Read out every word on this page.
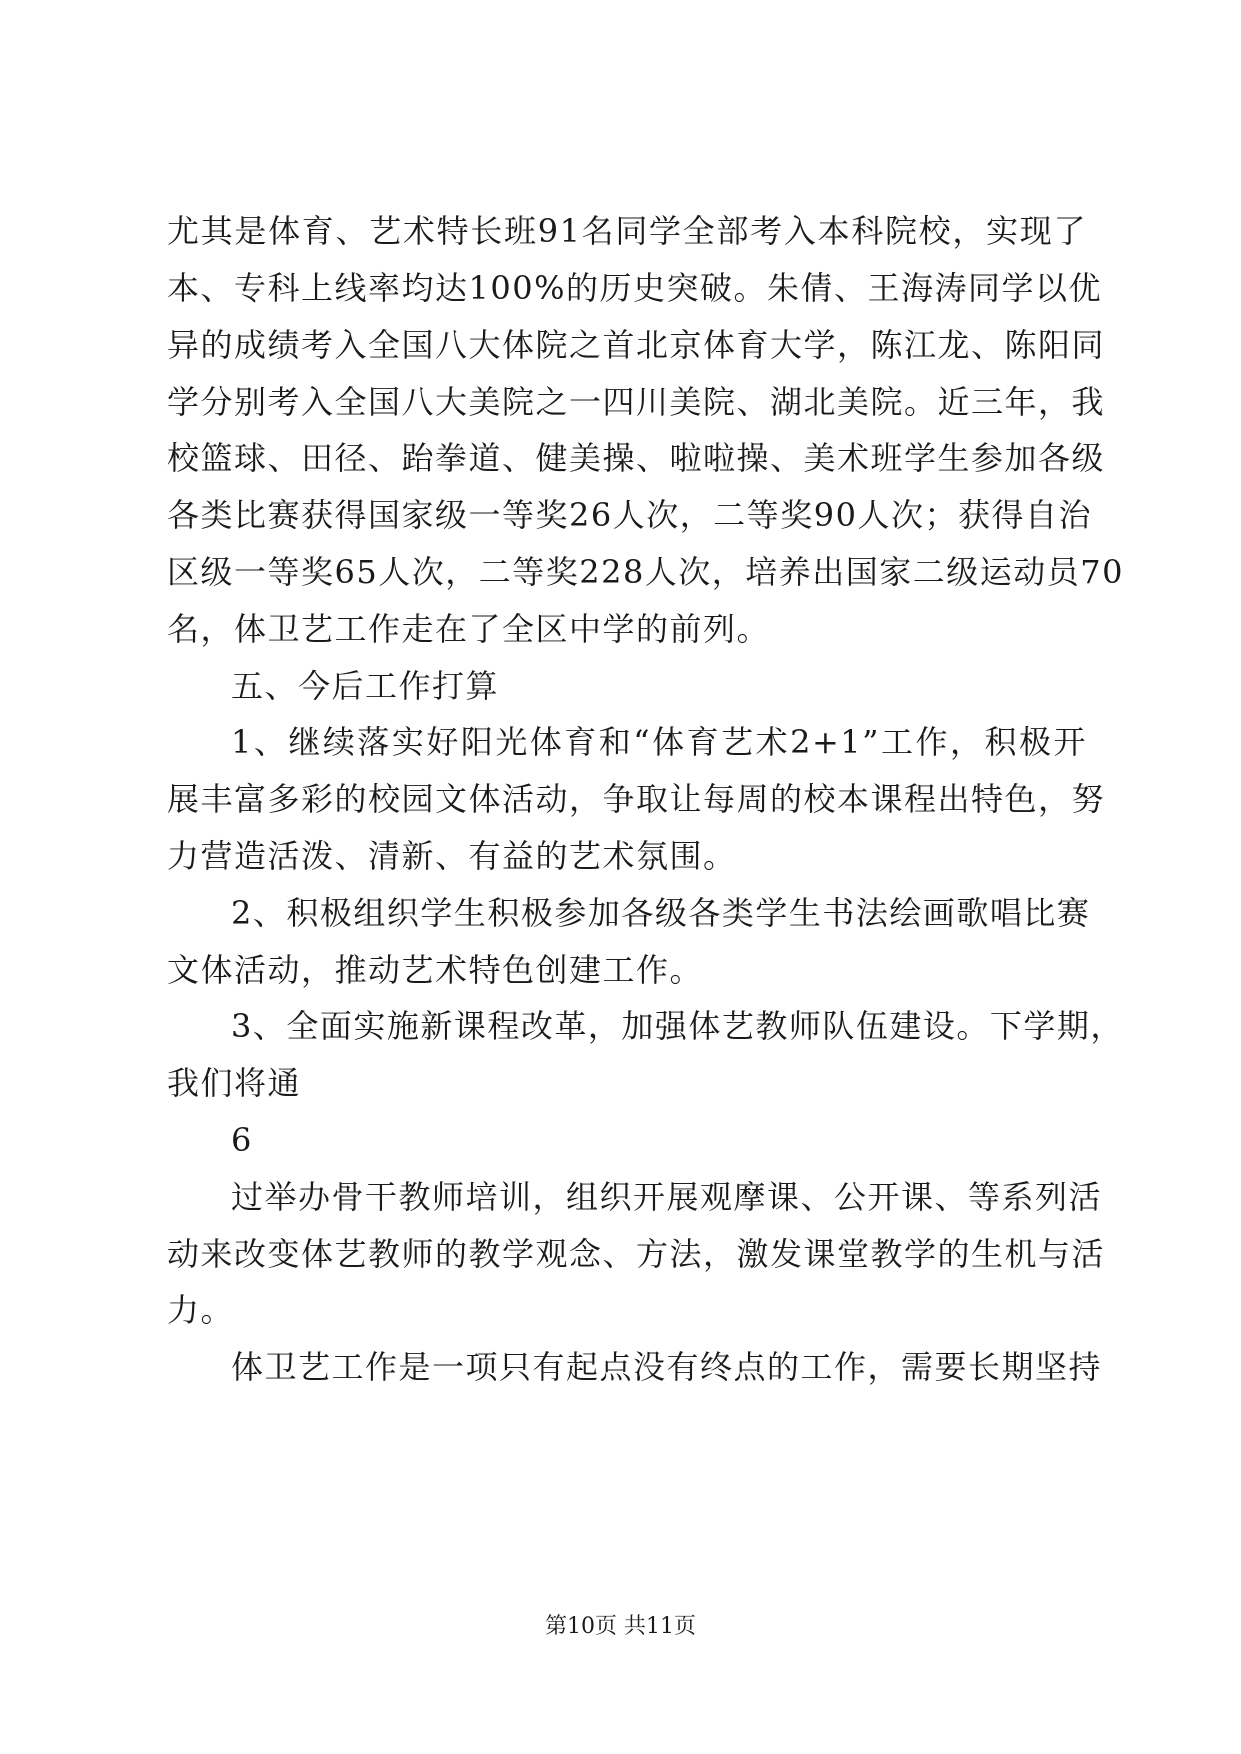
尤其是体育、艺术特长班91名同学全部考入本科院校，实现了
本、专科上线率均达100%的历史突破。朱倩、王海涛同学以优
异的成绩考入全国八大体院之首北京体育大学，陈江龙、陈阳同
学分别考入全国八大美院之一四川美院、湖北美院。近三年，我
校篮球、田径、跆拳道、健美操、啦啦操、美术班学生参加各级
各类比赛获得国家级一等奖26人次，二等奖90人次；获得自治
区级一等奖65人次，二等奖228人次，培养出国家二级运动员70
名，体卫艺工作走在了全区中学的前列。
五、今后工作打算
1、继续落实好阳光体育和“体育艺术2+1”工作，积极开
展丰富多彩的校园文体活动，争取让每周的校本课程出特色，努
力营造活泼、清新、有益的艺术氛围。
2、积极组织学生积极参加各级各类学生书法绘画歌唱比赛
文体活动，推动艺术特色创建工作。
3、全面实施新课程改革，加强体艺教师队伍建设。下学期，
我们将通
6
过举办骨干教师培训，组织开展观摩课、公开课、等系列活
动来改变体艺教师的教学观念、方法，激发课堂教学的生机与活
力。
体卫艺工作是一项只有起点没有终点的工作，需要长期坚持
第10页 共11页
